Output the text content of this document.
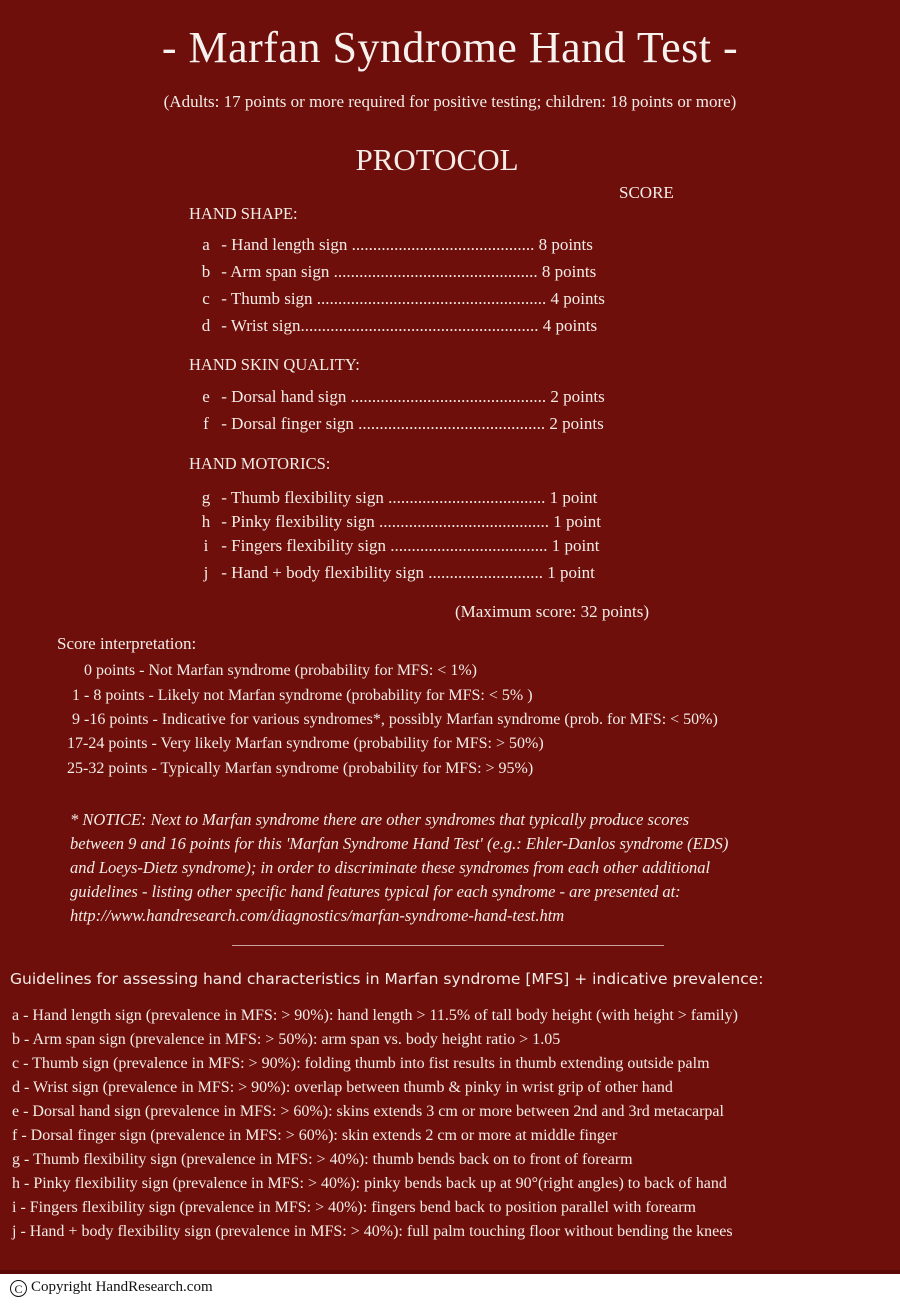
- Marfan Syndrome Hand Test -
(Adults: 17 points or more required for positive testing; children: 18 points or more)
PROTOCOL
SCORE
HAND SHAPE:
a - Hand length sign ........................................... 8 points
b - Arm span sign ................................................ 8 points
c - Thumb sign ...................................................... 4 points
d - Wrist sign........................................................ 4 points
HAND SKIN QUALITY:
e - Dorsal hand sign .............................................. 2 points
f - Dorsal finger sign ............................................ 2 points
HAND MOTORICS:
g - Thumb flexibility sign ..................................... 1 point
h - Pinky flexibility sign ........................................ 1 point
i - Fingers flexibility sign ..................................... 1 point
j - Hand + body flexibility sign ........................... 1 point
(Maximum score: 32 points)
Score interpretation:
0 points - Not Marfan syndrome (probability for MFS: < 1%)
1 - 8 points - Likely not Marfan syndrome (probability for MFS: < 5% )
9 -16 points - Indicative for various syndromes*, possibly Marfan syndrome (prob. for MFS: < 50%)
17-24 points - Very likely Marfan syndrome (probability for MFS: > 50%)
25-32 points - Typically Marfan syndrome (probability for MFS: > 95%)
* NOTICE: Next to Marfan syndrome there are other syndromes that typically produce scores
between 9 and 16 points for this 'Marfan Syndrome Hand Test' (e.g.: Ehler-Danlos syndrome (EDS)
and Loeys-Dietz syndrome); in order to discriminate these syndromes from each other additional
guidelines - listing other specific hand features typical for each syndrome - are presented at:
http://www.handresearch.com/diagnostics/marfan-syndrome-hand-test.htm
Guidelines for assessing hand characteristics in Marfan syndrome [MFS] + indicative prevalence:
a - Hand length sign (prevalence in MFS: > 90%): hand length > 11.5% of tall body height (with height > family)
b - Arm span sign (prevalence in MFS: > 50%): arm span vs. body height ratio > 1.05
c - Thumb sign (prevalence in MFS: > 90%): folding thumb into fist results in thumb extending outside palm
d - Wrist sign (prevalence in MFS: > 90%): overlap between thumb & pinky in wrist grip of other hand
e - Dorsal hand sign (prevalence in MFS: > 60%): skins extends 3 cm or more between 2nd and 3rd metacarpal
f - Dorsal finger sign (prevalence in MFS: > 60%): skin extends 2 cm or more at middle finger
g - Thumb flexibility sign (prevalence in MFS: > 40%): thumb bends back on to front of forearm
h - Pinky flexibility sign (prevalence in MFS: > 40%): pinky bends back up at 90°(right angles) to back of hand
i - Fingers flexibility sign (prevalence in MFS: > 40%): fingers bend back to position parallel with forearm
j - Hand + body flexibility sign (prevalence in MFS: > 40%): full palm touching floor without bending the knees
C Copyright HandResearch.com
